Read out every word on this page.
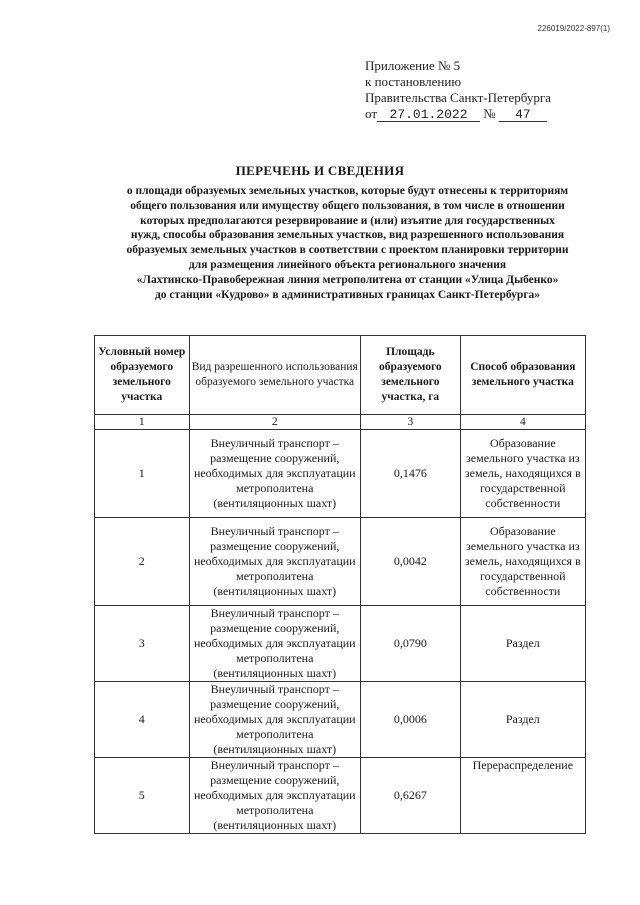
226019/2022-897(1)
Приложение № 5
к постановлению
Правительства Санкт-Петербурга
от 27.01.2022 № 47
ПЕРЕЧЕНЬ И СВЕДЕНИЯ
о площади образуемых земельных участков, которые будут отнесены к территориям
общего пользования или имуществу общего пользования, в том числе в отношении
которых предполагаются резервирование и (или) изъятие для государственных
нужд, способы образования земельных участков, вид разрешенного использования
образуемых земельных участков в соответствии с проектом планировки территории
для размещения линейного объекта регионального значения
«Лахтинско-Правобережная линия метрополитена от станции «Улица Дыбенко»
до станции «Кудрово» в административных границах Санкт-Петербурга»
Условный номер образуемого земельного участка	Вид разрешенного использования образуемого земельного участка	Площадь образуемого земельного участка, га	Способ образования земельного участка
1	2	3	4
1	Внеуличный транспорт – размещение сооружений, необходимых для эксплуатации метрополитена (вентиляционных шахт)	0,1476	Образование земельного участка из земель, находящихся в государственной собственности
2	Внеуличный транспорт – размещение сооружений, необходимых для эксплуатации метрополитена (вентиляционных шахт)	0,0042	Образование земельного участка из земель, находящихся в государственной собственности
3	Внеуличный транспорт – размещение сооружений, необходимых для эксплуатации метрополитена (вентиляционных шахт)	0,0790	Раздел
4	Внеуличный транспорт – размещение сооружений, необходимых для эксплуатации метрополитена (вентиляционных шахт)	0,0006	Раздел
5	Внеуличный транспорт – размещение сооружений, необходимых для эксплуатации метрополитена (вентиляционных шахт)	0,6267	Перераспределение
